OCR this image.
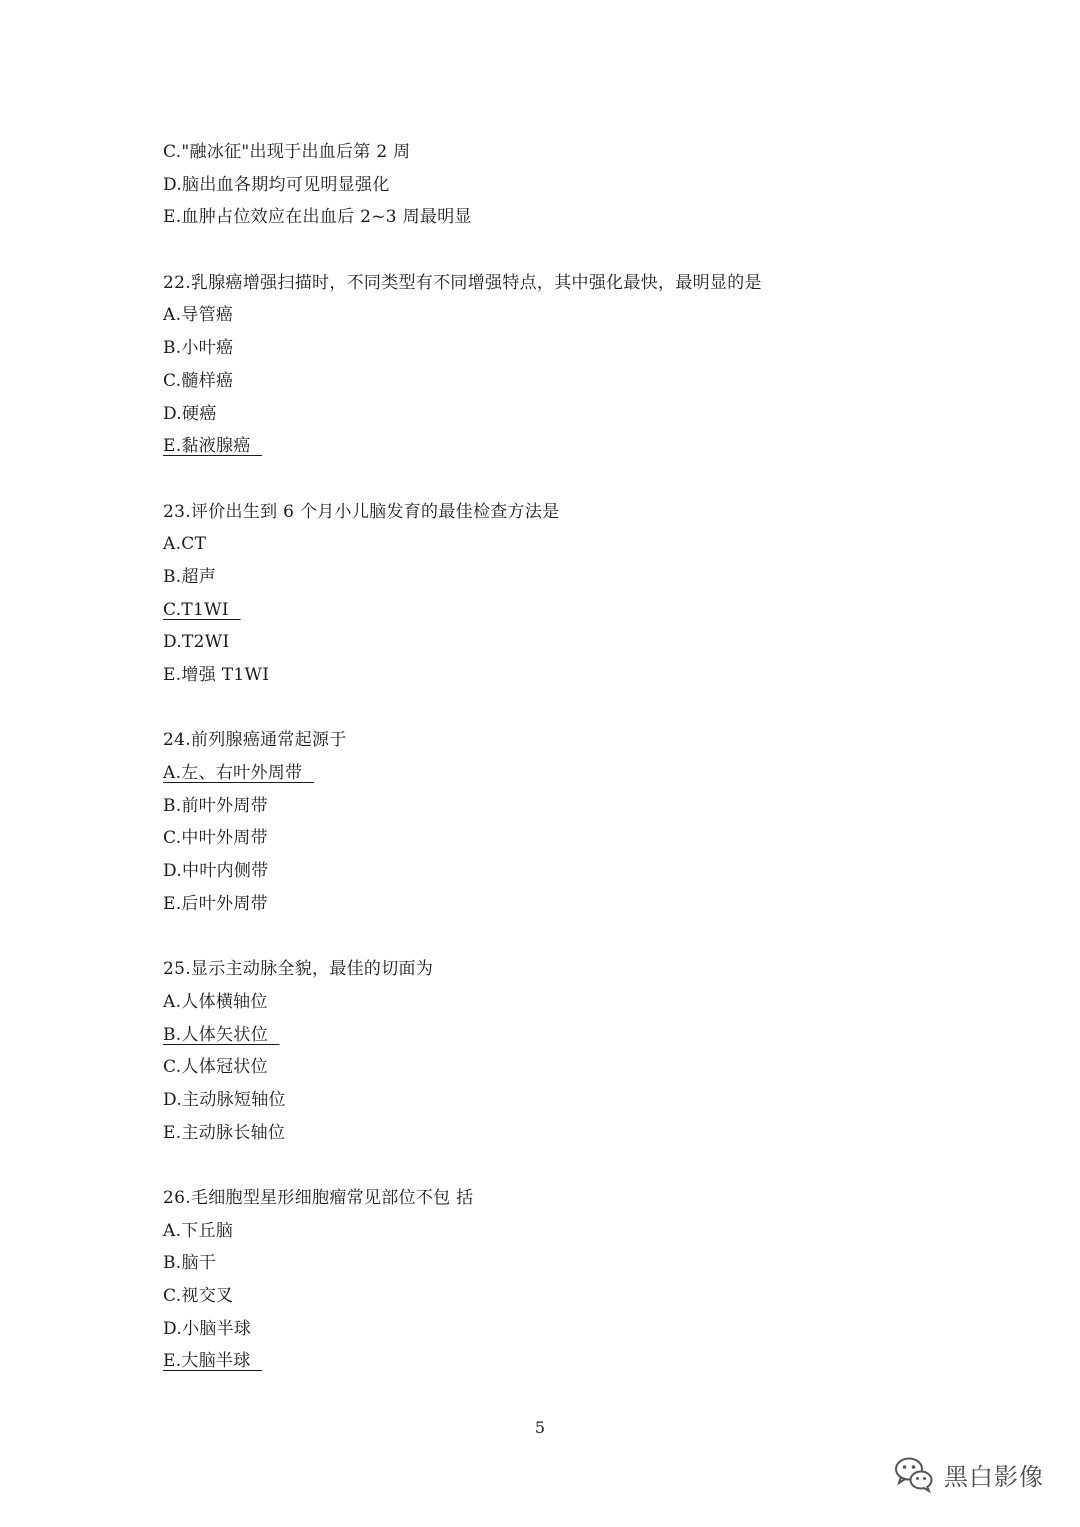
C."融冰征"出现于出血后第 2 周
D.脑出血各期均可见明显强化
E.血肿占位效应在出血后 2~3 周最明显
22.乳腺癌增强扫描时，不同类型有不同增强特点，其中强化最快，最明显的是
A.导管癌
B.小叶癌
C.髓样癌
D.硬癌
E.黏液腺癌
23.评价出生到 6 个月小儿脑发育的最佳检查方法是
A.CT
B.超声
C.T1WI
D.T2WI
E.增强 T1WI
24.前列腺癌通常起源于
A.左、右叶外周带
B.前叶外周带
C.中叶外周带
D.中叶内侧带
E.后叶外周带
25.显示主动脉全貌，最佳的切面为
A.人体横轴位
B.人体矢状位
C.人体冠状位
D.主动脉短轴位
E.主动脉长轴位
26.毛细胞型星形细胞瘤常见部位不包 括
A.下丘脑
B.脑干
C.视交叉
D.小脑半球
E.大脑半球
5
黑白影像
